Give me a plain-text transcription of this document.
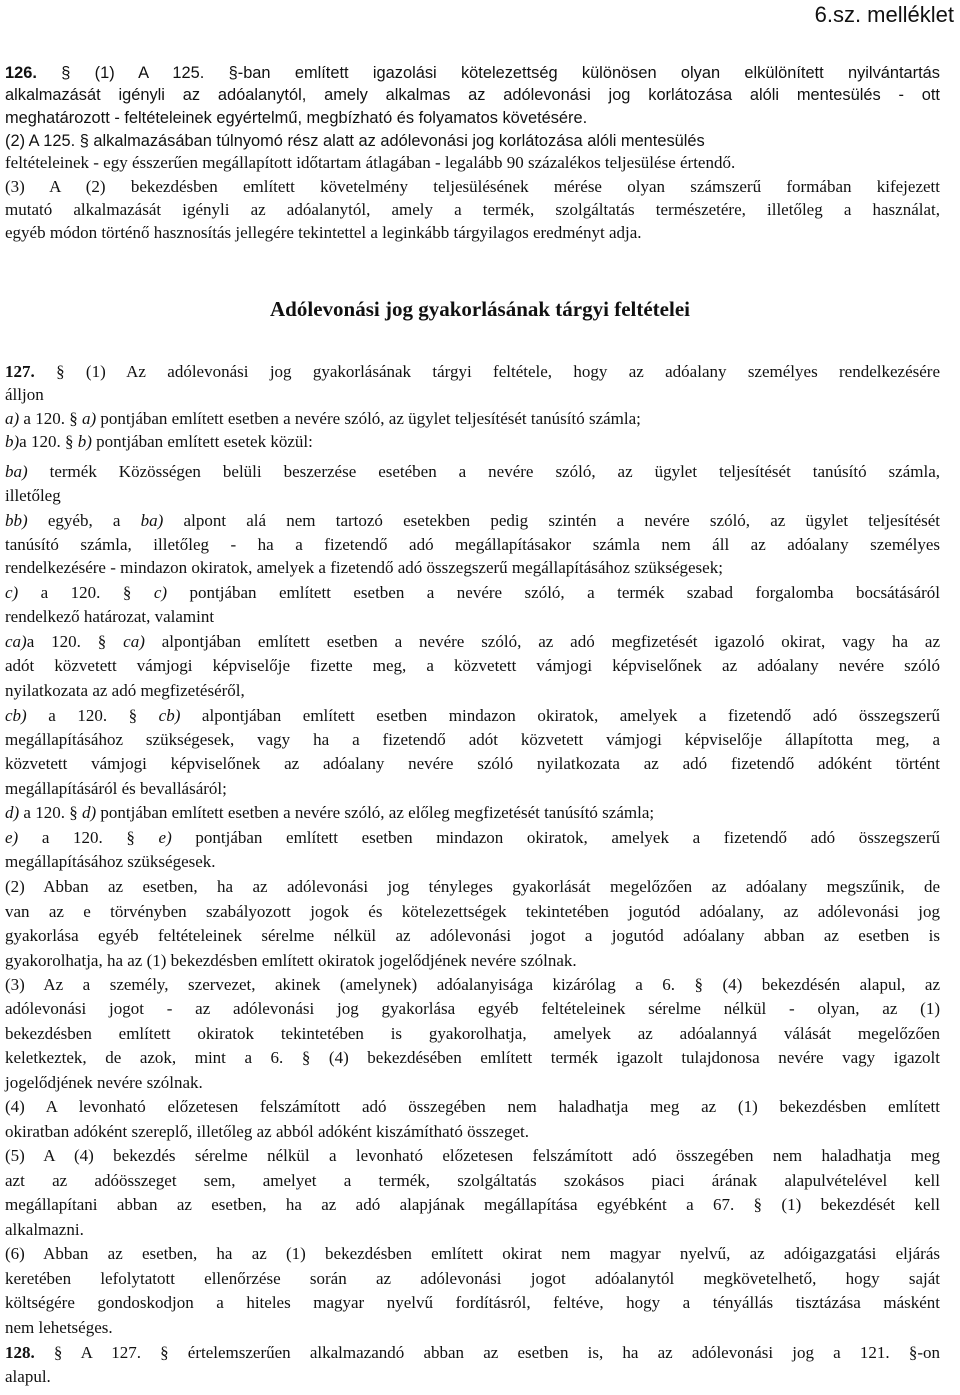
6.sz. melléklet
126. § (1) A 125. §-ban említett igazolási kötelezettség különösen olyan elkülönített nyilvántartás
alkalmazását igényli az adóalanytól, amely alkalmas az adólevonási jog korlátozása alóli mentesülés - ott
meghatározott - feltételeinek egyértelmű, megbízható és folyamatos követésére.
(2) A 125. § alkalmazásában túlnyomó rész alatt az adólevonási jog korlátozása alóli mentesülés
feltételeinek - egy ésszerűen megállapított időtartam átlagában - legalább 90 százalékos teljesülése értendő.
(3) A (2) bekezdésben említett követelmény teljesülésének mérése olyan számszerű formában kifejezett
mutató alkalmazását igényli az adóalanytól, amely a termék, szolgáltatás természetére, illetőleg a használat,
egyéb módon történő hasznosítás jellegére tekintettel a leginkább tárgyilagos eredményt adja.
127. § (1) Az adólevonási jog gyakorlásának tárgyi feltétele, hogy az adóalany személyes rendelkezésére
álljon
a) a 120. § a) pontjában említett esetben a nevére szóló, az ügylet teljesítését tanúsító számla;
b)a 120. § b) pontjában említett esetek közül:
ba) termék Közösségen belüli beszerzése esetében a nevére szóló, az ügylet teljesítését tanúsító számla,
illetőleg
bb) egyéb, a ba) alpont alá nem tartozó esetekben pedig szintén a nevére szóló, az ügylet teljesítését
tanúsító számla, illetőleg - ha a fizetendő adó megállapításakor számla nem áll az adóalany személyes
rendelkezésére - mindazon okiratok, amelyek a fizetendő adó összegszerű megállapításához szükségesek;
c) a 120. § c) pontjában említett esetben a nevére szóló, a termék szabad forgalomba bocsátásáról
rendelkező határozat, valamint
ca)a 120. § ca) alpontjában említett esetben a nevére szóló, az adó megfizetését igazoló okirat, vagy ha az
adót közvetett vámjogi képviselője fizette meg, a közvetett vámjogi képviselőnek az adóalany nevére szóló
nyilatkozata az adó megfizetéséről,
cb) a 120. § cb) alpontjában említett esetben mindazon okiratok, amelyek a fizetendő adó összegszerű
megállapításához szükségesek, vagy ha a fizetendő adót közvetett vámjogi képviselője állapította meg, a
közvetett vámjogi képviselőnek az adóalany nevére szóló nyilatkozata az adó fizetendő adóként történt
megállapításáról és bevallásáról;
d) a 120. § d) pontjában említett esetben a nevére szóló, az előleg megfizetését tanúsító számla;
e) a 120. § e) pontjában említett esetben mindazon okiratok, amelyek a fizetendő adó összegszerű
megállapításához szükségesek.
(2) Abban az esetben, ha az adólevonási jog tényleges gyakorlását megelőzően az adóalany megszűnik, de
van az e törvényben szabályozott jogok és kötelezettségek tekintetében jogutód adóalany, az adólevonási jog
gyakorlása egyéb feltételeinek sérelme nélkül az adólevonási jogot a jogutód adóalany abban az esetben is
gyakorolhatja, ha az (1) bekezdésben említett okiratok jogelődjének nevére szólnak.
(3) Az a személy, szervezet, akinek (amelynek) adóalanyisága kizárólag a 6. § (4) bekezdésén alapul, az
adólevonási jogot - az adólevonási jog gyakorlása egyéb feltételeinek sérelme nélkül - olyan, az (1)
bekezdésben említett okiratok tekintetében is gyakorolhatja, amelyek az adóalannyá válását megelőzően
keletkeztek, de azok, mint a 6. § (4) bekezdésében említett termék igazolt tulajdonosa nevére vagy igazolt
jogelődjének nevére szólnak.
(4) A levonható előzetesen felszámított adó összegében nem haladhatja meg az (1) bekezdésben említett
okiratban adóként szereplő, illetőleg az abból adóként kiszámítható összeget.
(5) A (4) bekezdés sérelme nélkül a levonható előzetesen felszámított adó összegében nem haladhatja meg
azt az adóösszeget sem, amelyet a termék, szolgáltatás szokásos piaci árának alapulvételével kell
megállapítani abban az esetben, ha az adó alapjának megállapítása egyébként a 67. § (1) bekezdését kell
alkalmazni.
(6) Abban az esetben, ha az (1) bekezdésben említett okirat nem magyar nyelvű, az adóigazgatási eljárás
keretében lefolytatott ellenőrzése során az adólevonási jogot adóalanytól megkövetelhető, hogy saját
költségére gondoskodjon a hiteles magyar nyelvű fordításról, feltéve, hogy a tényállás tisztázása másként
nem lehetséges.
128. § A 127. § értelemszerűen alkalmazandó abban az esetben is, ha az adólevonási jog a 121. §-on
alapul.
Adólevonási jog gyakorlásának tárgyi feltételei
